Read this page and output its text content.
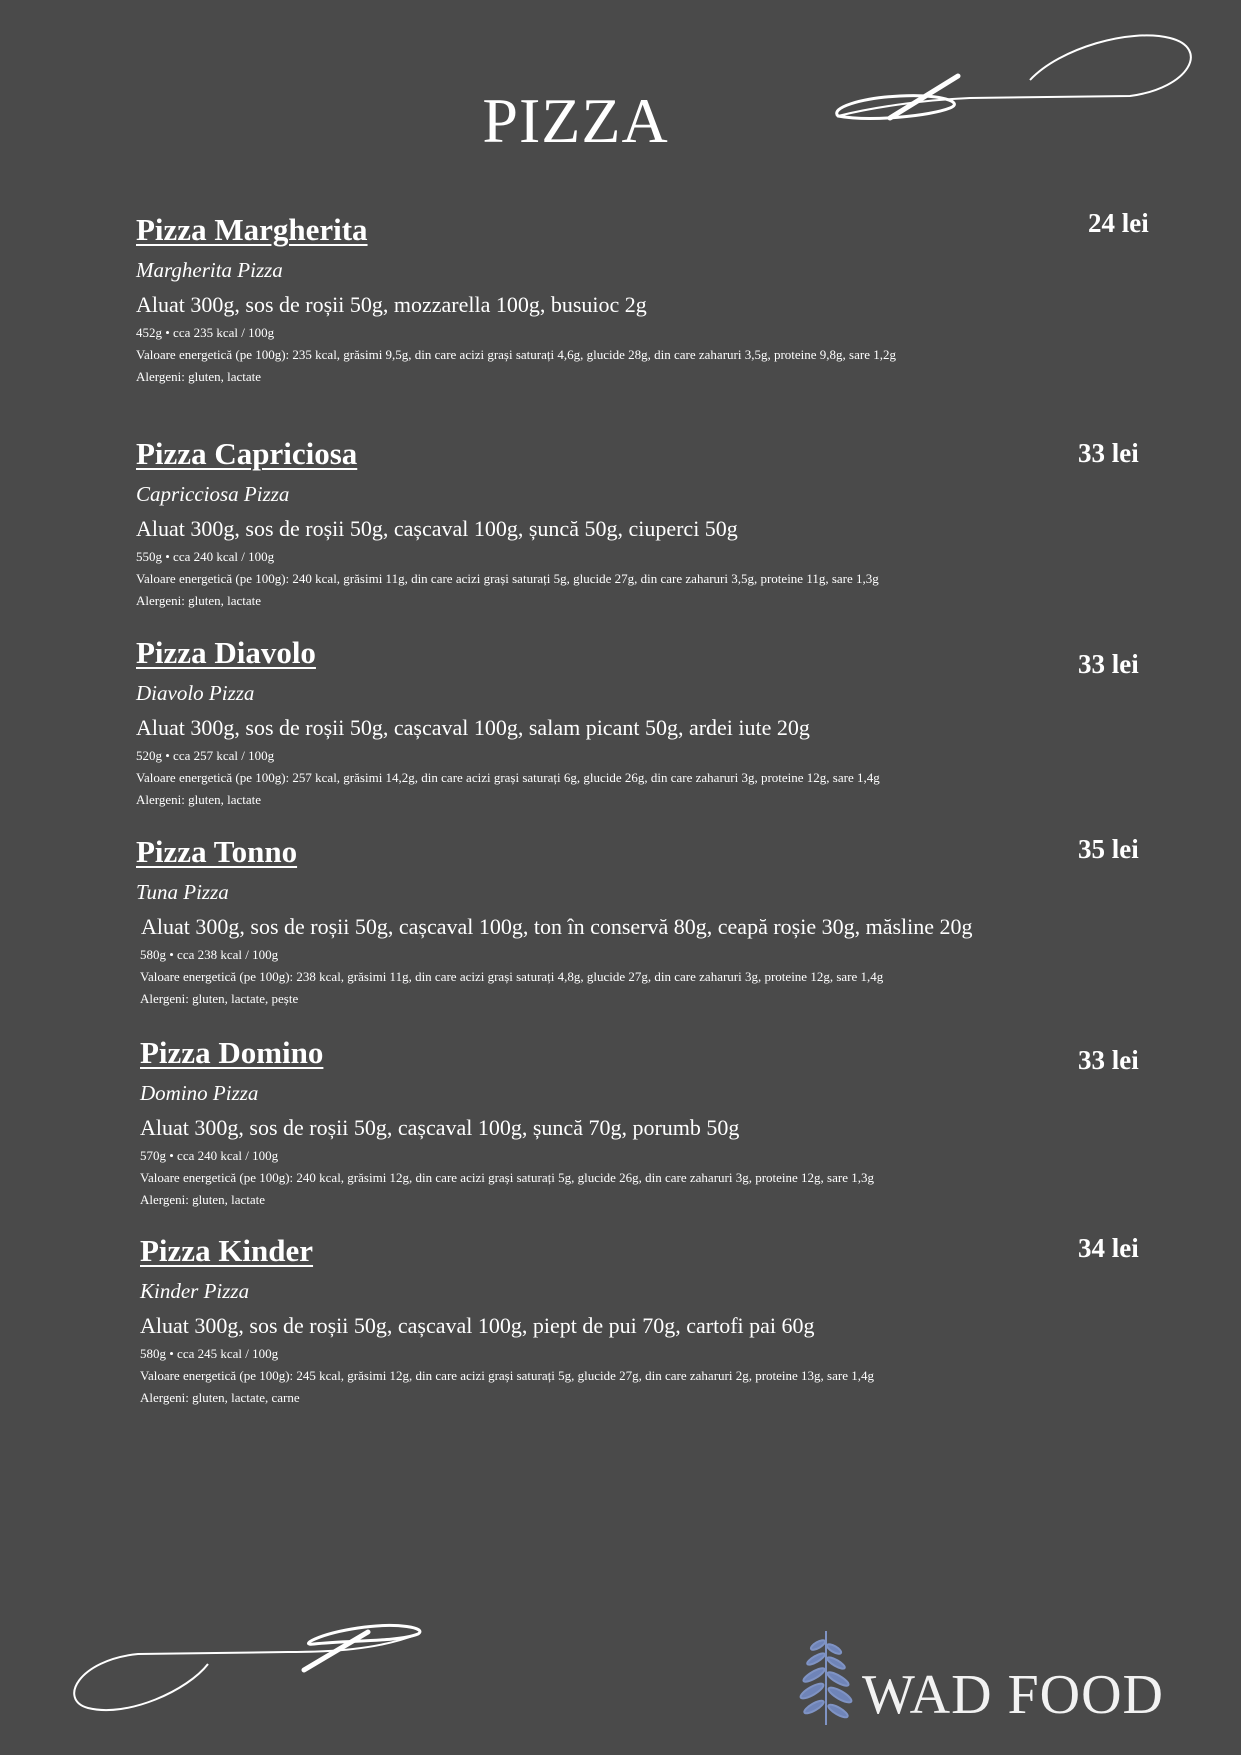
PIZZA
Pizza Margherita	24 lei
Margherita Pizza
Aluat 300g, sos de roșii 50g, mozzarella 100g, busuioc 2g
452g • cca 235 kcal / 100g
Valoare energetică (pe 100g): 235 kcal, grăsimi 9,5g, din care acizi grași saturați 4,6g, glucide 28g, din care zaharuri 3,5g, proteine 9,8g, sare 1,2g
Alergeni: gluten, lactate
Pizza Capriciosa	33 lei
Capricciosa Pizza
Aluat 300g, sos de roșii 50g, cașcaval 100g, șuncă 50g, ciuperci 50g
550g • cca 240 kcal / 100g
Valoare energetică (pe 100g): 240 kcal, grăsimi 11g, din care acizi grași saturați 5g, glucide 27g, din care zaharuri 3,5g, proteine 11g, sare 1,3g
Alergeni: gluten, lactate
Pizza Diavolo	33 lei
Diavolo Pizza
Aluat 300g, sos de roșii 50g, cașcaval 100g, salam picant 50g, ardei iute 20g
520g • cca 257 kcal / 100g
Valoare energetică (pe 100g): 257 kcal, grăsimi 14,2g, din care acizi grași saturați 6g, glucide 26g, din care zaharuri 3g, proteine 12g, sare 1,4g
Alergeni: gluten, lactate
Pizza Tonno	35 lei
Tuna Pizza
Aluat 300g, sos de roșii 50g, cașcaval 100g, ton în conservă 80g, ceapă roșie 30g, măsline 20g
580g • cca 238 kcal / 100g
Valoare energetică (pe 100g): 238 kcal, grăsimi 11g, din care acizi grași saturați 4,8g, glucide 27g, din care zaharuri 3g, proteine 12g, sare 1,4g
Alergeni: gluten, lactate, pește
Pizza Domino	33 lei
Domino Pizza
Aluat 300g, sos de roșii 50g, cașcaval 100g, șuncă 70g, porumb 50g
570g • cca 240 kcal / 100g
Valoare energetică (pe 100g): 240 kcal, grăsimi 12g, din care acizi grași saturați 5g, glucide 26g, din care zaharuri 3g, proteine 12g, sare 1,3g
Alergeni: gluten, lactate
Pizza Kinder	34 lei
Kinder Pizza
Aluat 300g, sos de roșii 50g, cașcaval 100g, piept de pui 70g, cartofi pai 60g
580g • cca 245 kcal / 100g
Valoare energetică (pe 100g): 245 kcal, grăsimi 12g, din care acizi grași saturați 5g, glucide 27g, din care zaharuri 2g, proteine 13g, sare 1,4g
Alergeni: gluten, lactate, carne
WAD FOOD
